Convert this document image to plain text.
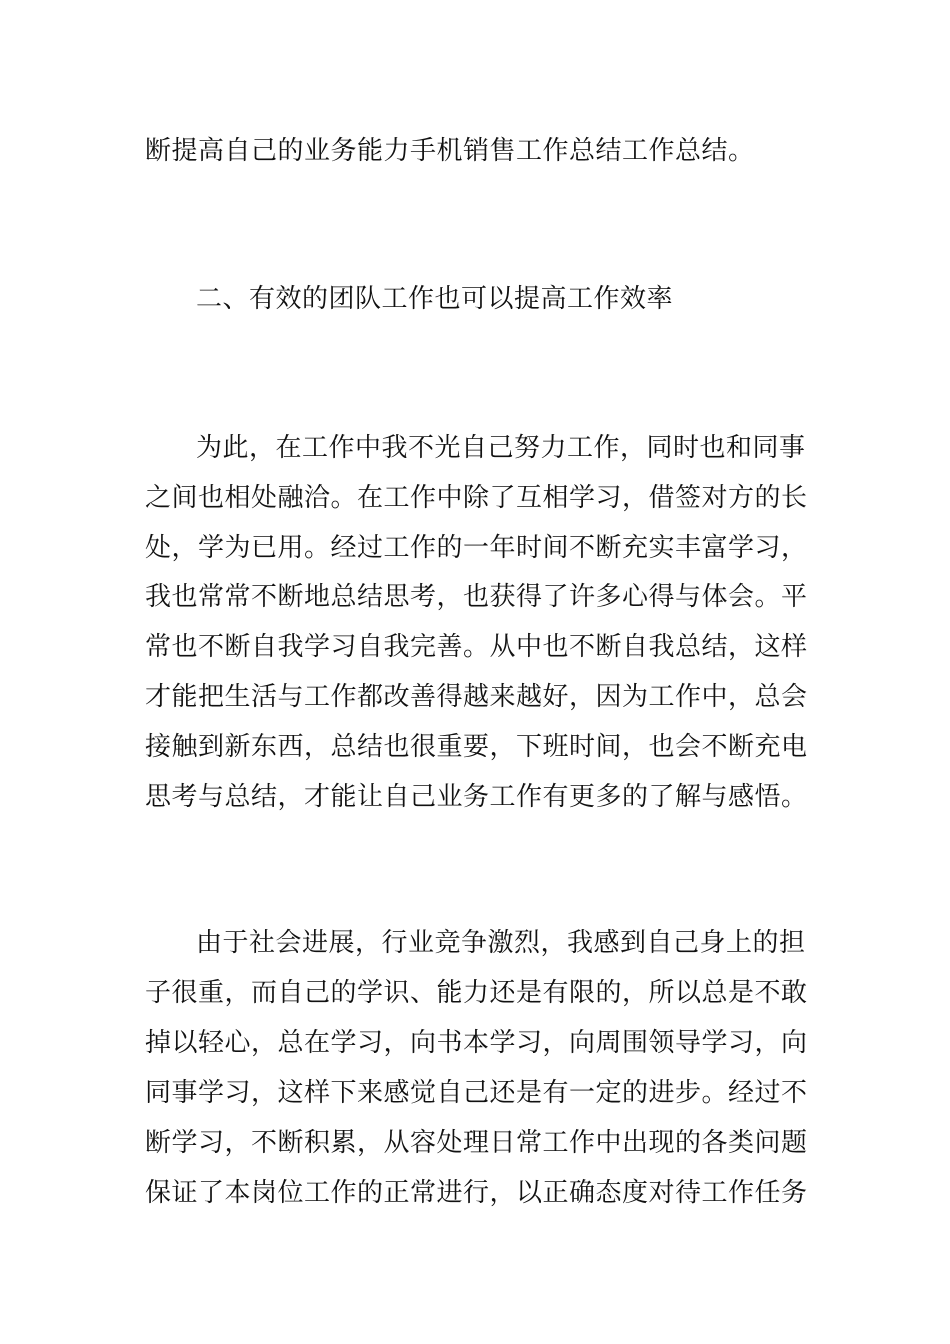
断提高自己的业务能力手机销售工作总结工作总结。
二、有效的团队工作也可以提高工作效率
为此，在工作中我不光自己努力工作，同时也和同事
之间也相处融洽。在工作中除了互相学习，借签对方的长
处，学为已用。经过工作的一年时间不断充实丰富学习，
我也常常不断地总结思考，也获得了许多心得与体会。平
常也不断自我学习自我完善。从中也不断自我总结，这样
才能把生活与工作都改善得越来越好，因为工作中，总会
接触到新东西，总结也很重要，下班时间，也会不断充电
思考与总结，才能让自己业务工作有更多的了解与感悟。
由于社会进展，行业竞争激烈，我感到自己身上的担
子很重，而自己的学识、能力还是有限的，所以总是不敢
掉以轻心，总在学习，向书本学习，向周围领导学习，向
同事学习，这样下来感觉自己还是有一定的进步。经过不
断学习，不断积累，从容处理日常工作中出现的各类问题
保证了本岗位工作的正常进行，以正确态度对待工作任务
